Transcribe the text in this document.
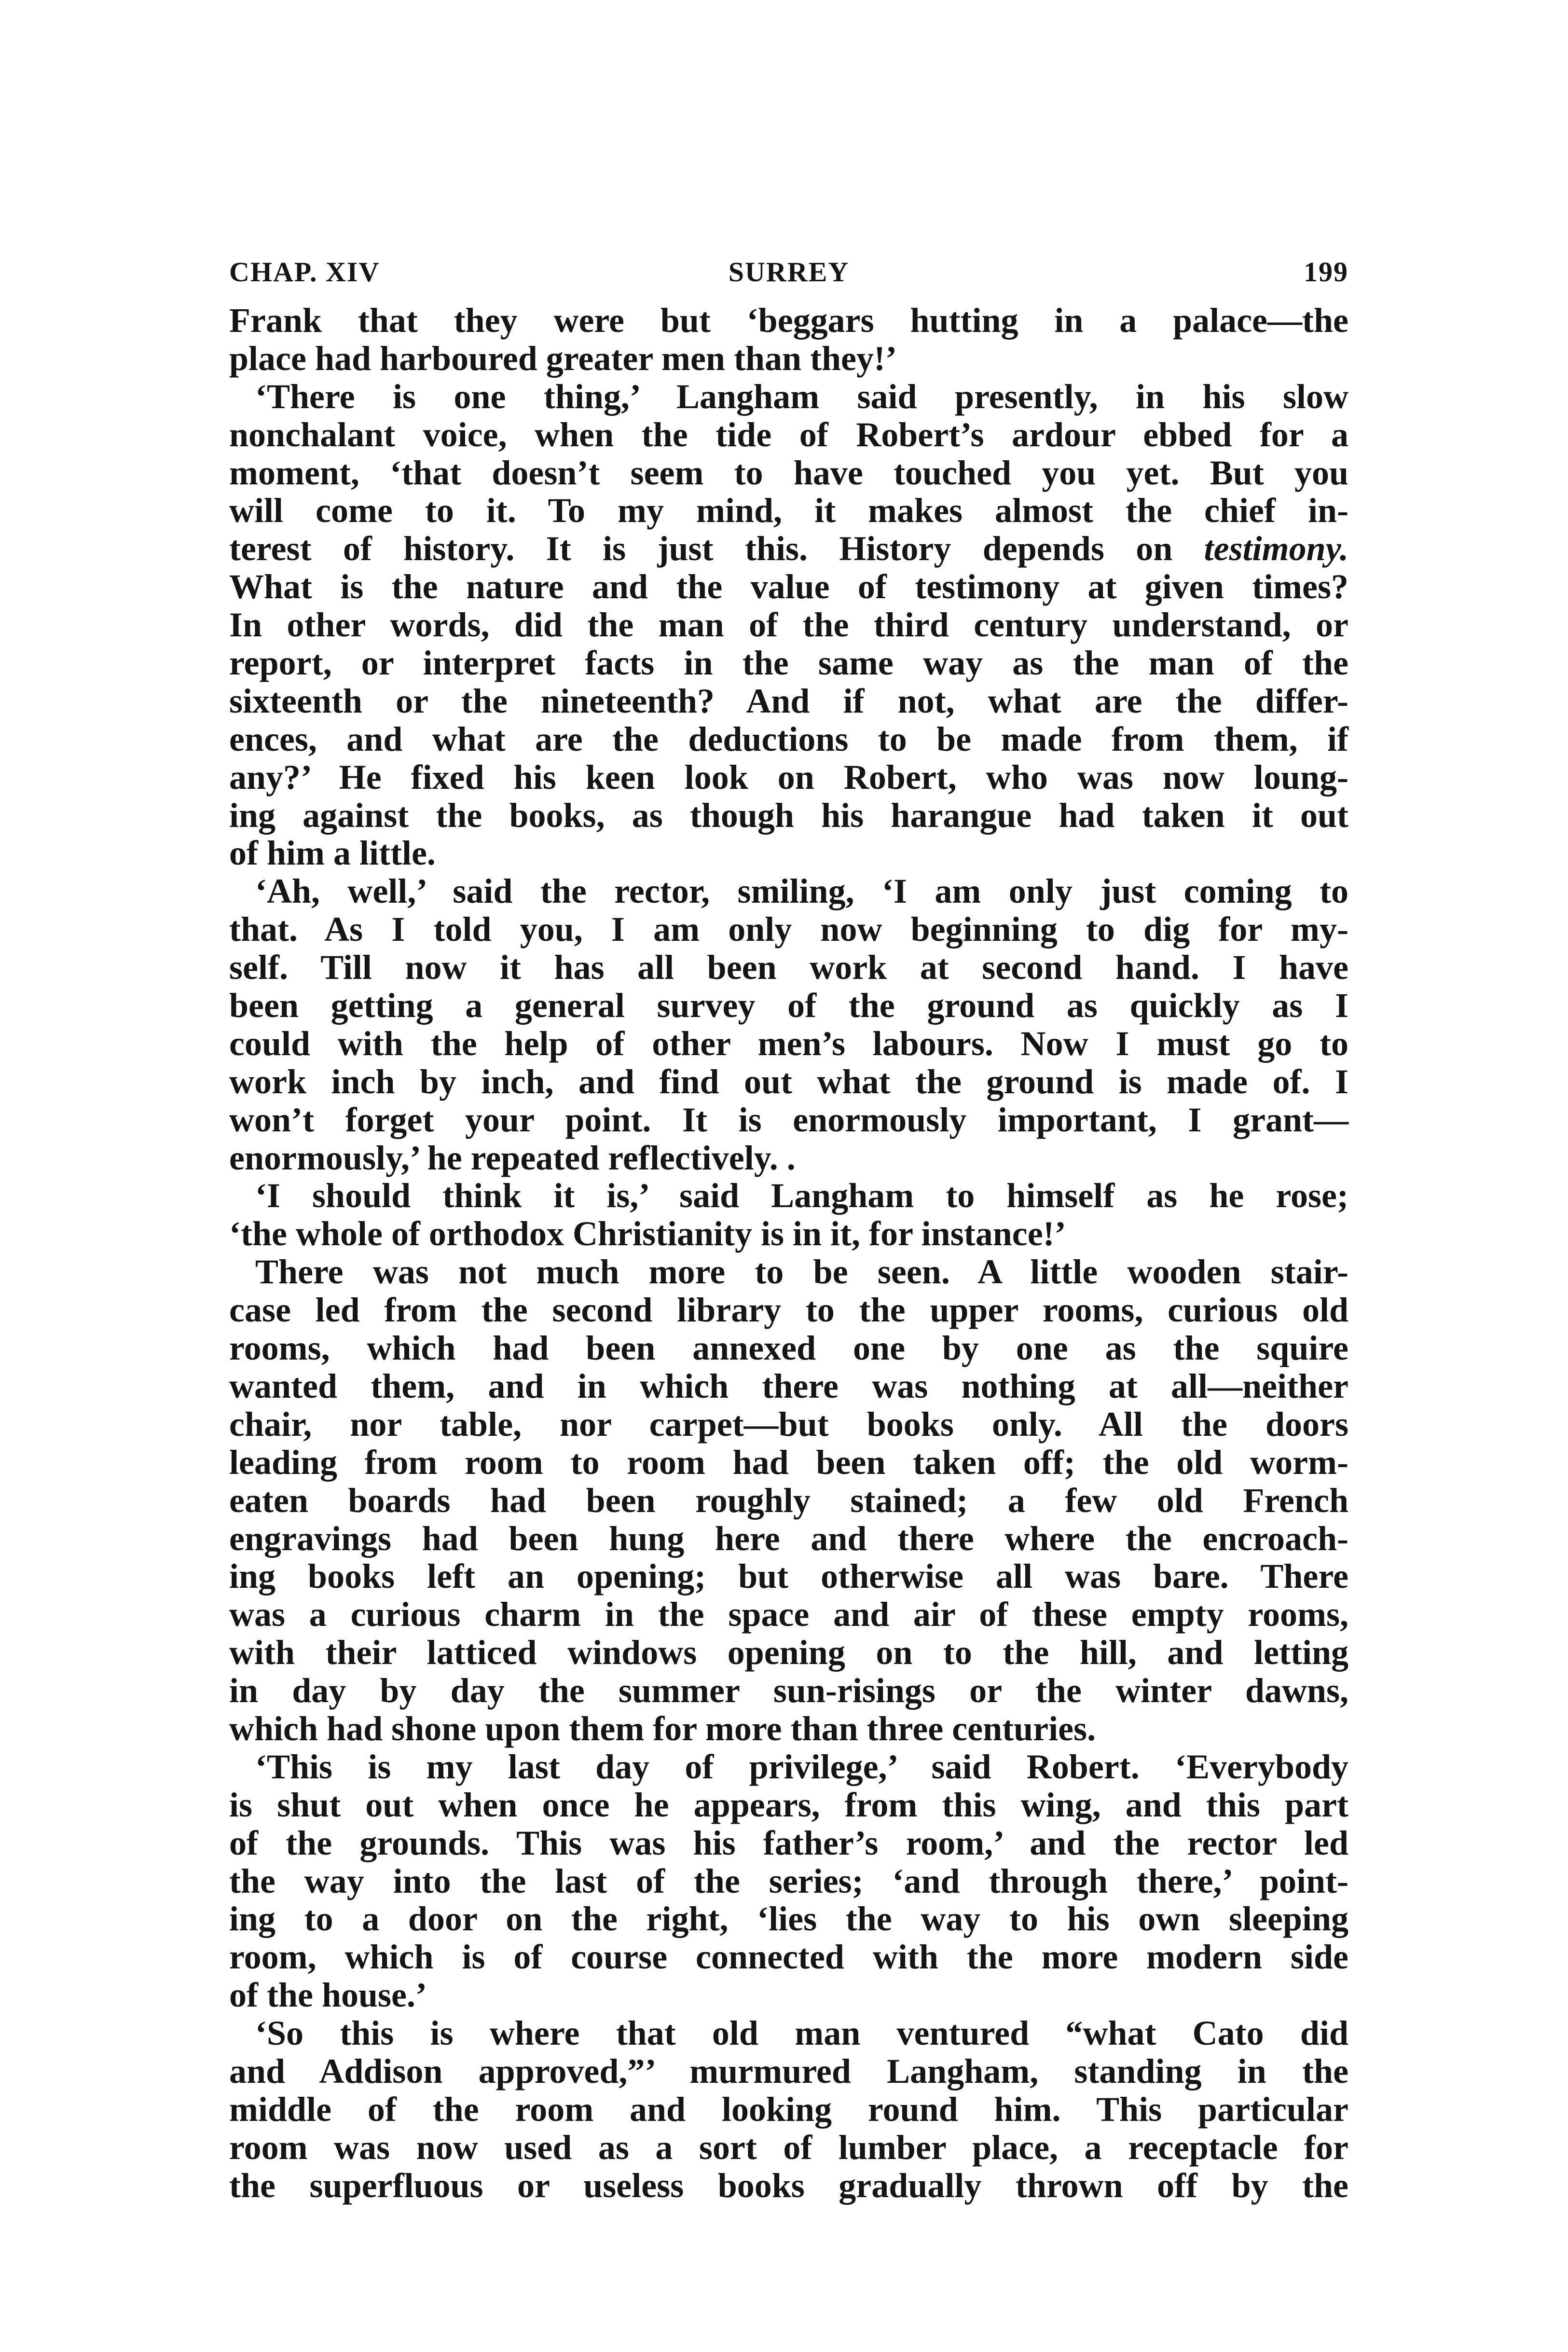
CHAP. XIV	SURREY	199
Frank that they were but ‘beggars hutting in a palace—the
place had harboured greater men than they!’
‘There is one thing,’ Langham said presently, in his slow
nonchalant voice, when the tide of Robert’s ardour ebbed for a
moment, ‘that doesn’t seem to have touched you yet. But you
will come to it. To my mind, it makes almost the chief in-
terest of history. It is just this. History depends on testimony.
What is the nature and the value of testimony at given times?
In other words, did the man of the third century understand, or
report, or interpret facts in the same way as the man of the
sixteenth or the nineteenth? And if not, what are the differ-
ences, and what are the deductions to be made from them, if
any?’ He fixed his keen look on Robert, who was now loung-
ing against the books, as though his harangue had taken it out
of him a little.
‘Ah, well,’ said the rector, smiling, ‘I am only just coming to
that. As I told you, I am only now beginning to dig for my-
self. Till now it has all been work at second hand. I have
been getting a general survey of the ground as quickly as I
could with the help of other men’s labours. Now I must go to
work inch by inch, and find out what the ground is made of. I
won’t forget your point. It is enormously important, I grant—
enormously,’ he repeated reflectively. .
‘I should think it is,’ said Langham to himself as he rose;
‘the whole of orthodox Christianity is in it, for instance!’
There was not much more to be seen. A little wooden stair-
case led from the second library to the upper rooms, curious old
rooms, which had been annexed one by one as the squire
wanted them, and in which there was nothing at all—neither
chair, nor table, nor carpet—but books only. All the doors
leading from room to room had been taken off; the old worm-
eaten boards had been roughly stained; a few old French
engravings had been hung here and there where the encroach-
ing books left an opening; but otherwise all was bare. There
was a curious charm in the space and air of these empty rooms,
with their latticed windows opening on to the hill, and letting
in day by day the summer sun-risings or the winter dawns,
which had shone upon them for more than three centuries.
‘This is my last day of privilege,’ said Robert. ‘Everybody
is shut out when once he appears, from this wing, and this part
of the grounds. This was his father’s room,’ and the rector led
the way into the last of the series; ‘and through there,’ point-
ing to a door on the right, ‘lies the way to his own sleeping
room, which is of course connected with the more modern side
of the house.’
‘So this is where that old man ventured “what Cato did
and Addison approved,”’ murmured Langham, standing in the
middle of the room and looking round him. This particular
room was now used as a sort of lumber place, a receptacle for
the superfluous or useless books gradually thrown off by the
